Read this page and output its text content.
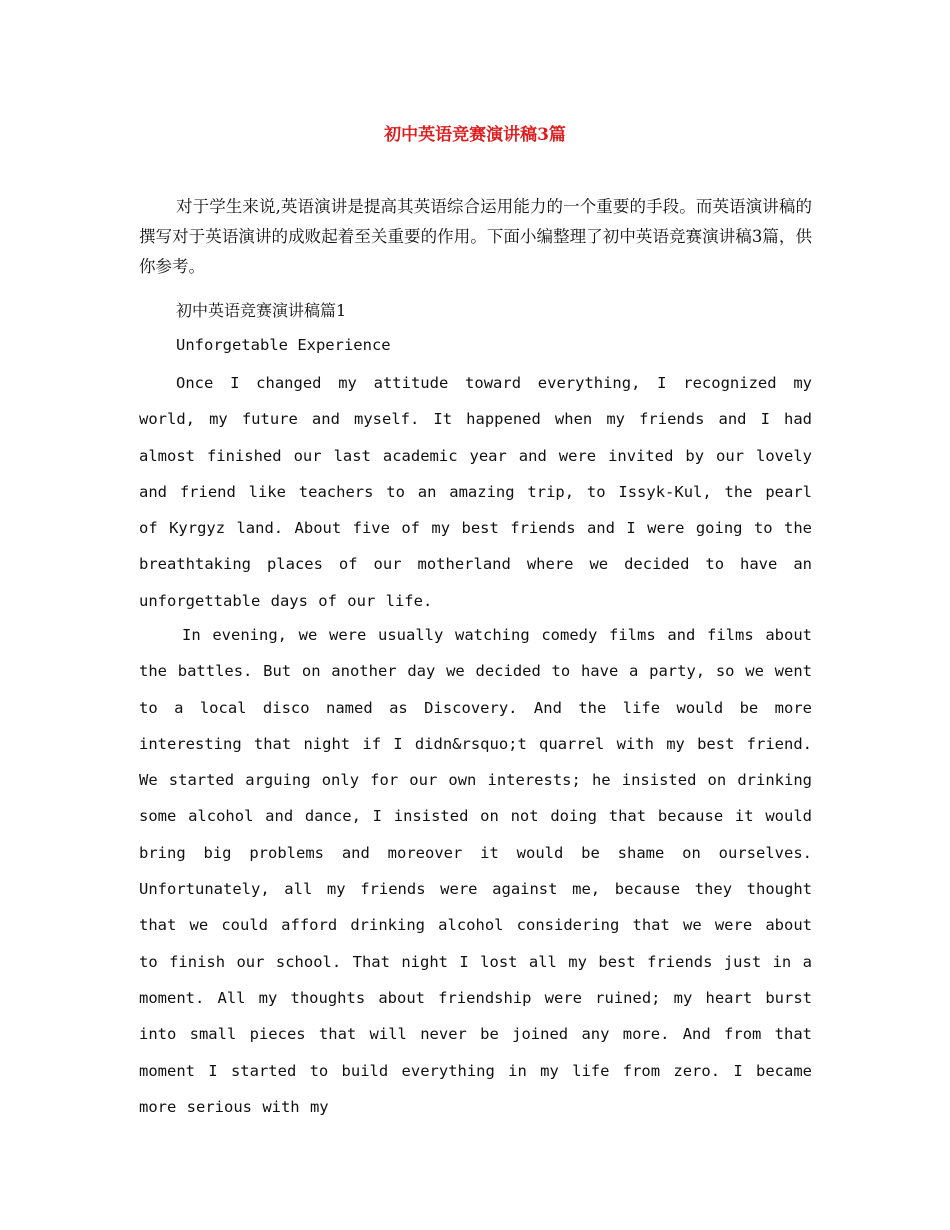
初中英语竞赛演讲稿3篇

对于学生来说,英语演讲是提高其英语综合运用能力的一个重要的手段。而英语演讲稿的撰写对于英语演讲的成败起着至关重要的作用。下面小编整理了初中英语竞赛演讲稿3篇，供你参考。

初中英语竞赛演讲稿篇1

Unforgetable Experience

Once I changed my attitude toward everything, I recognized my world, my future and myself. It happened when my friends and I had almost finished our last academic year and were invited by our lovely and friend like teachers to an amazing trip, to Issyk-Kul, the pearl of Kyrgyz land. About five of my best friends and I were going to the breathtaking places of our motherland where we decided to have an unforgettable days of our life.

In evening, we were usually watching comedy films and films about the battles. But on another day we decided to have a party, so we went to a local disco named as Discovery. And the life would be more interesting that night if I didn&rsquo;t quarrel with my best friend. We started arguing only for our own interests; he insisted on drinking some alcohol and dance, I insisted on not doing that because it would bring big problems and moreover it would be shame on ourselves. Unfortunately, all my friends were against me, because they thought that we could afford drinking alcohol considering that we were about to finish our school. That night I lost all my best friends just in a moment. All my thoughts about friendship were ruined; my heart burst into small pieces that will never be joined any more. And from that moment I started to build everything in my life from zero. I became more serious with my
